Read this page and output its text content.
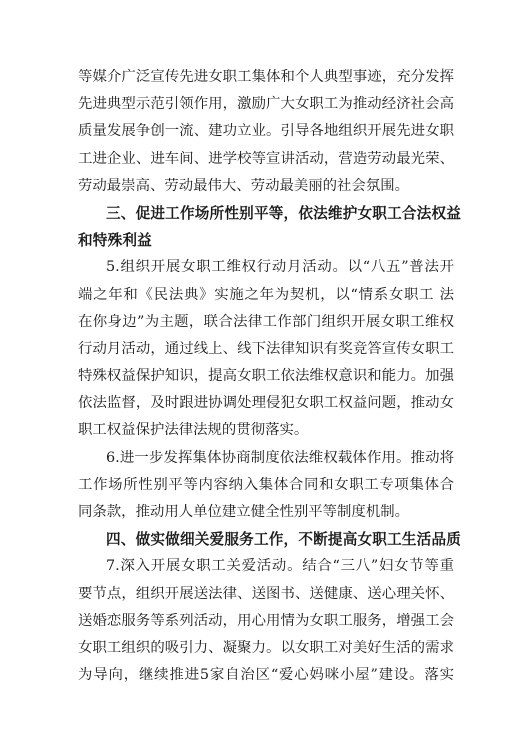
等媒介广泛宣传先进女职工集体和个人典型事迹，充分发挥
先进典型示范引领作用，激励广大女职工为推动经济社会高
质量发展争创一流、建功立业。引导各地组织开展先进女职
工进企业、进车间、进学校等宣讲活动，营造劳动最光荣、
劳动最崇高、劳动最伟大、劳动最美丽的社会氛围。
三、促进工作场所性别平等，依法维护女职工合法权益
和特殊利益
5.组织开展女职工维权行动月活动。以“八五”普法开
端之年和《民法典》实施之年为契机，以“情系女职工 法
在你身边”为主题，联合法律工作部门组织开展女职工维权
行动月活动，通过线上、线下法律知识有奖竞答宣传女职工
特殊权益保护知识，提高女职工依法维权意识和能力。加强
依法监督，及时跟进协调处理侵犯女职工权益问题，推动女
职工权益保护法律法规的贯彻落实。
6.进一步发挥集体协商制度依法维权载体作用。推动将
工作场所性别平等内容纳入集体合同和女职工专项集体合
同条款，推动用人单位建立健全性别平等制度机制。
四、做实做细关爱服务工作，不断提高女职工生活品质
7.深入开展女职工关爱活动。结合“三八”妇女节等重
要节点，组织开展送法律、送图书、送健康、送心理关怀、
送婚恋服务等系列活动，用心用情为女职工服务，增强工会
女职工组织的吸引力、凝聚力。以女职工对美好生活的需求
为导向，继续推进5家自治区“爱心妈咪小屋”建设。落实
